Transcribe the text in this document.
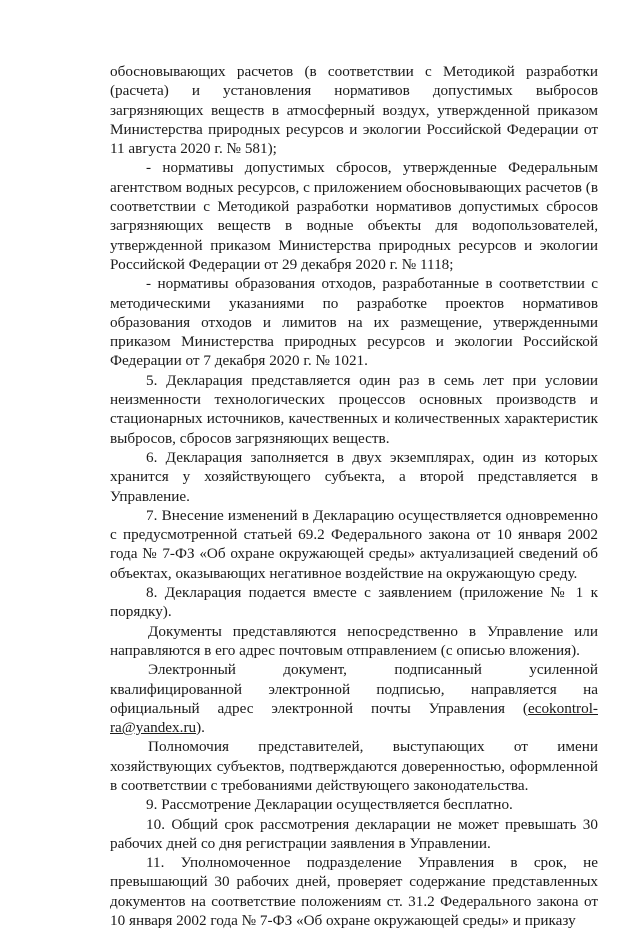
обосновывающих расчетов (в соответствии с Методикой разработки (расчета) и установления нормативов допустимых выбросов загрязняющих веществ в атмосферный воздух, утвержденной приказом Министерства природных ресурсов и экологии Российской Федерации от 11 августа 2020 г. № 581);

- нормативы допустимых сбросов, утвержденные Федеральным агентством водных ресурсов, с приложением обосновывающих расчетов (в соответствии с Методикой разработки нормативов допустимых сбросов загрязняющих веществ в водные объекты для водопользователей, утвержденной приказом Министерства природных ресурсов и экологии Российской Федерации от 29 декабря 2020 г. № 1118;

- нормативы образования отходов, разработанные в соответствии с методическими указаниями по разработке проектов нормативов образования отходов и лимитов на их размещение, утвержденными приказом Министерства природных ресурсов и экологии Российской Федерации от 7 декабря 2020 г. № 1021.

5. Декларация представляется один раз в семь лет при условии неизменности технологических процессов основных производств и стационарных источников, качественных и количественных характеристик выбросов, сбросов загрязняющих веществ.

6. Декларация заполняется в двух экземплярах, один из которых хранится у хозяйствующего субъекта, а второй представляется в Управление.

7. Внесение изменений в Декларацию осуществляется одновременно с предусмотренной статьей 69.2 Федерального закона от 10 января 2002 года № 7-ФЗ «Об охране окружающей среды» актуализацией сведений об объектах, оказывающих негативное воздействие на окружающую среду.

8. Декларация подается вместе с заявлением (приложение № 1 к порядку).

Документы представляются непосредственно в Управление или направляются в его адрес почтовым отправлением (с описью вложения).

Электронный документ, подписанный усиленной квалифицированной электронной подписью, направляется на официальный адрес электронной почты Управления (ecokontrol-ra@yandex.ru).

Полномочия представителей, выступающих от имени хозяйствующих субъектов, подтверждаются доверенностью, оформленной в соответствии с требованиями действующего законодательства.

9. Рассмотрение Декларации осуществляется бесплатно.

10. Общий срок рассмотрения декларации не может превышать 30 рабочих дней со дня регистрации заявления в Управлении.

11. Уполномоченное подразделение Управления в срок, не превышающий 30 рабочих дней, проверяет содержание представленных документов на соответствие положениям ст. 31.2 Федерального закона от 10 января 2002 года № 7-ФЗ «Об охране окружающей среды» и приказу
